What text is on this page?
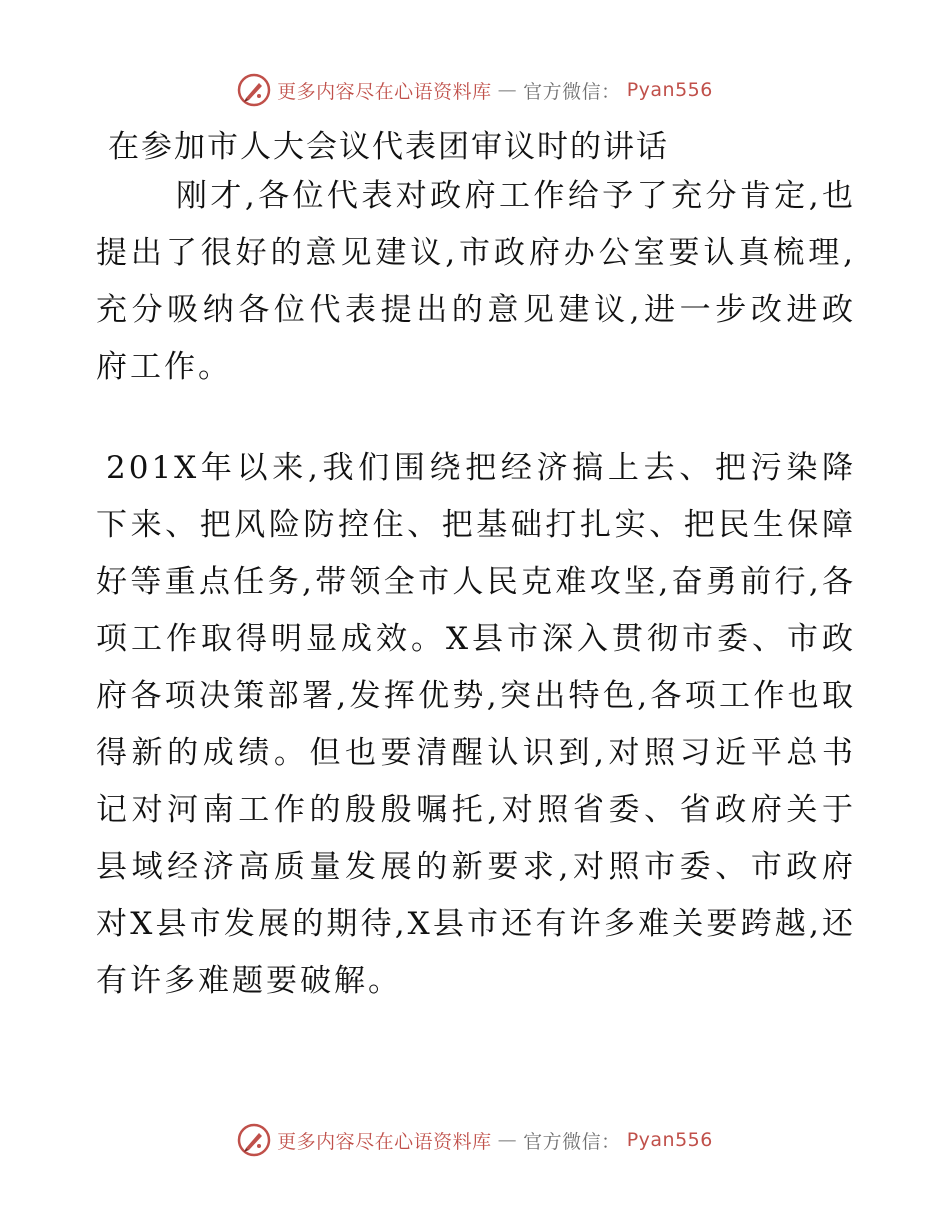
更多内容尽在心语资料库 — 官方微信： Pyan556
在参加市人大会议代表团审议时的讲话

刚才,各位代表对政府工作给予了充分肯定,也提出了很好的意见建议,市政府办公室要认真梳理,充分吸纳各位代表提出的意见建议,进一步改进政府工作。

201X年以来,我们围绕把经济搞上去、把污染降下来、把风险防控住、把基础打扎实、把民生保障好等重点任务,带领全市人民克难攻坚,奋勇前行,各项工作取得明显成效。X县市深入贯彻市委、市政府各项决策部署,发挥优势,突出特色,各项工作也取得新的成绩。但也要清醒认识到,对照习近平总书记对河南工作的殷殷嘱托,对照省委、省政府关于县域经济高质量发展的新要求,对照市委、市政府对X县市发展的期待,X县市还有许多难关要跨越,还有许多难题要破解。

更多内容尽在心语资料库 — 官方微信： Pyan556
